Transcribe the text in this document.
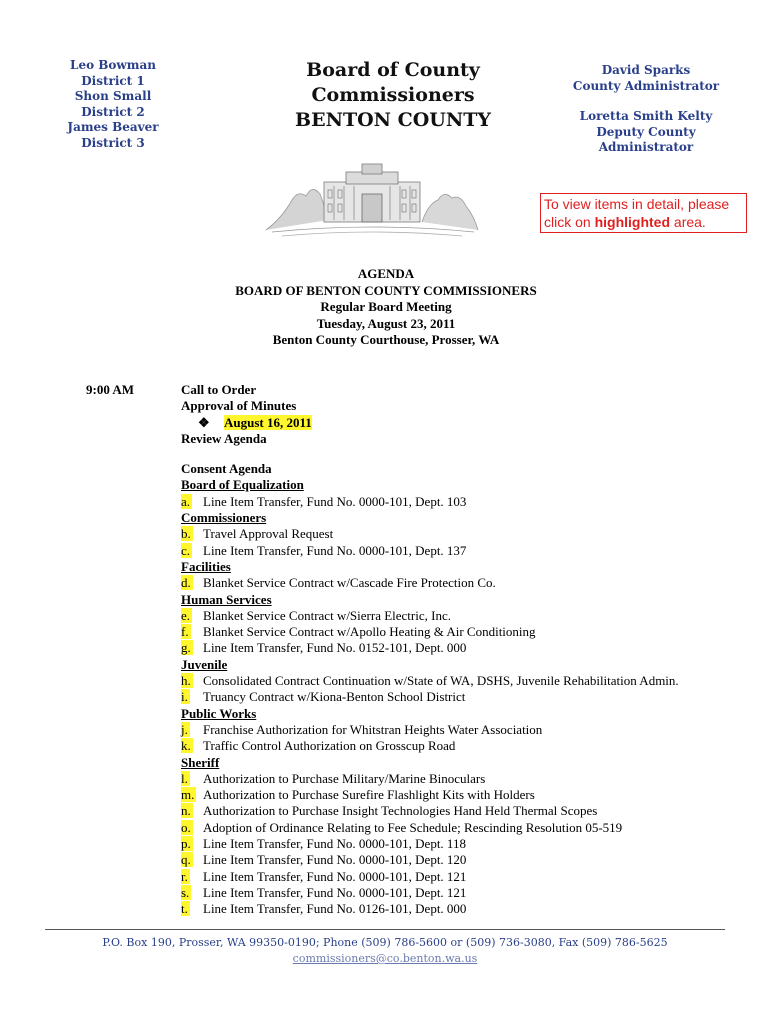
Leo Bowman
District 1
Shon Small
District 2
James Beaver
District 3
Board of County Commissioners
BENTON COUNTY
David Sparks
County Administrator
Loretta Smith Kelty
Deputy County Administrator
To view items in detail, please
click on highlighted area.
AGENDA
BOARD OF BENTON COUNTY COMMISSIONERS
Regular Board Meeting
Tuesday, August 23, 2011
Benton County Courthouse, Prosser, WA
9:00 AM	Call to Order
Approval of Minutes
❖ August 16, 2011
Review Agenda
Consent Agenda
Board of Equalization
a. Line Item Transfer, Fund No. 0000-101, Dept. 103
Commissioners
b. Travel Approval Request
c. Line Item Transfer, Fund No. 0000-101, Dept. 137
Facilities
d. Blanket Service Contract w/Cascade Fire Protection Co.
Human Services
e. Blanket Service Contract w/Sierra Electric, Inc.
f.	Blanket Service Contract w/Apollo Heating & Air Conditioning
g. Line Item Transfer, Fund No. 0152-101, Dept. 000
Juvenile
h. Consolidated Contract Continuation w/State of WA, DSHS, Juvenile Rehabilitation Admin.
i.	Truancy Contract w/Kiona-Benton School District
Public Works
j.	Franchise Authorization for Whitstran Heights Water Association
k. Traffic Control Authorization on Grosscup Road
Sheriff
l.	Authorization to Purchase Military/Marine Binoculars
m. Authorization to Purchase Surefire Flashlight Kits with Holders
n. Authorization to Purchase Insight Technologies Hand Held Thermal Scopes
o. Adoption of Ordinance Relating to Fee Schedule; Rescinding Resolution 05-519
p. Line Item Transfer, Fund No. 0000-101, Dept. 118
q. Line Item Transfer, Fund No. 0000-101, Dept. 120
r.	Line Item Transfer, Fund No. 0000-101, Dept. 121
s.	Line Item Transfer, Fund No. 0000-101, Dept. 121
t.	Line Item Transfer, Fund No. 0126-101, Dept. 000
P.O. Box 190, Prosser, WA 99350-0190; Phone (509) 786-5600 or (509) 736-3080, Fax (509) 786-5625
commissioners@co.benton.wa.us
